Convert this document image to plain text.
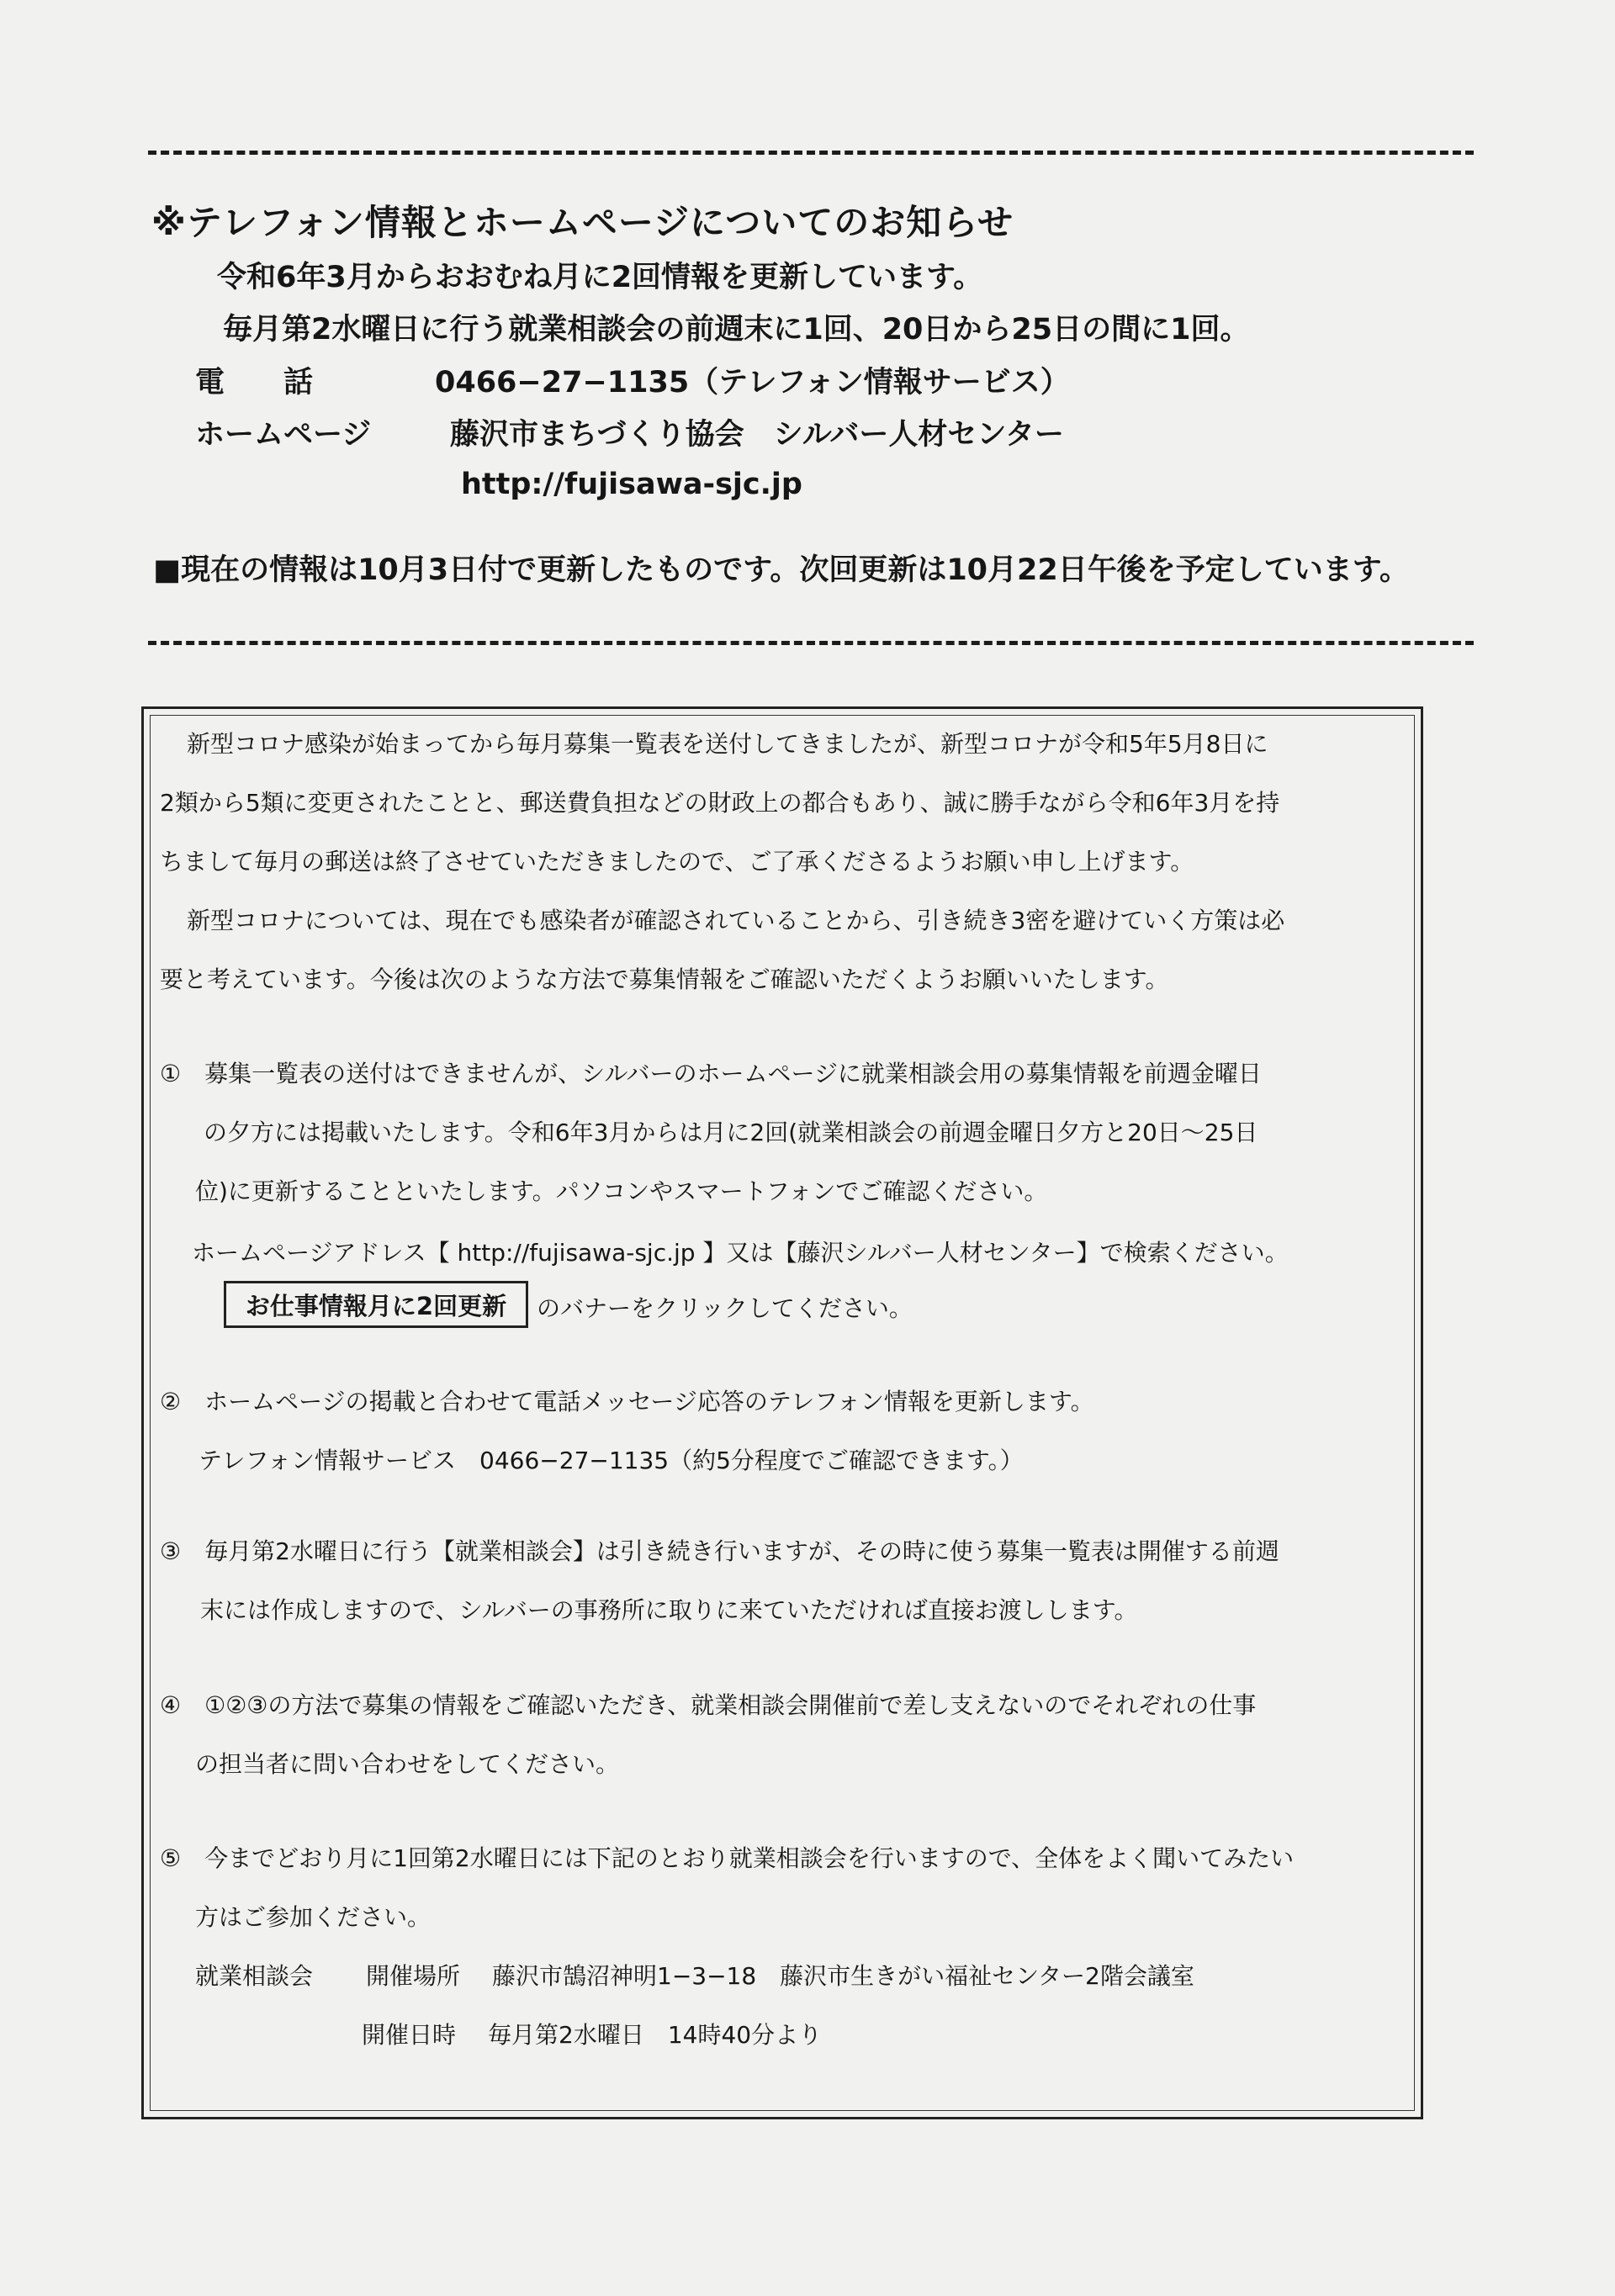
※テレフォン情報とホームページについてのお知らせ
令和6年3月からおおむね月に2回情報を更新しています。
毎月第2水曜日に行う就業相談会の前週末に1回、20日から25日の間に1回。
電　　話	0466−27−1135（テレフォン情報サービス）
ホームページ	藤沢市まちづくり協会　シルバー人材センター
http://fujisawa-sjc.jp
■現在の情報は10月3日付で更新したものです。次回更新は10月22日午後を予定しています。
新型コロナ感染が始まってから毎月募集一覧表を送付してきましたが、新型コロナが令和5年5月8日に
2類から5類に変更されたことと、郵送費負担などの財政上の都合もあり、誠に勝手ながら令和6年3月を持
ちまして毎月の郵送は終了させていただきましたので、ご了承くださるようお願い申し上げます。
新型コロナについては、現在でも感染者が確認されていることから、引き続き3密を避けていく方策は必
要と考えています。今後は次のような方法で募集情報をご確認いただくようお願いいたします。
①　募集一覧表の送付はできませんが、シルバーのホームページに就業相談会用の募集情報を前週金曜日
の夕方には掲載いたします。令和6年3月からは月に2回(就業相談会の前週金曜日夕方と20日～25日
位)に更新することといたします。パソコンやスマートフォンでご確認ください。
ホームページアドレス【 http://fujisawa-sjc.jp 】又は【藤沢シルバー人材センター】で検索ください。
お仕事情報月に2回更新	のバナーをクリックしてください。
②　ホームページの掲載と合わせて電話メッセージ応答のテレフォン情報を更新します。
テレフォン情報サービス　0466−27−1135（約5分程度でご確認できます。）
③　毎月第2水曜日に行う【就業相談会】は引き続き行いますが、その時に使う募集一覧表は開催する前週
末には作成しますので、シルバーの事務所に取りに来ていただければ直接お渡しします。
④　①②③の方法で募集の情報をご確認いただき、就業相談会開催前で差し支えないのでそれぞれの仕事
の担当者に問い合わせをしてください。
⑤　今までどおり月に1回第2水曜日には下記のとおり就業相談会を行いますので、全体をよく聞いてみたい
方はご参加ください。
就業相談会 開催場所 藤沢市鵠沼神明1−3−18　藤沢市生きがい福祉センター2階会議室
開催日時 毎月第2水曜日　14時40分より
